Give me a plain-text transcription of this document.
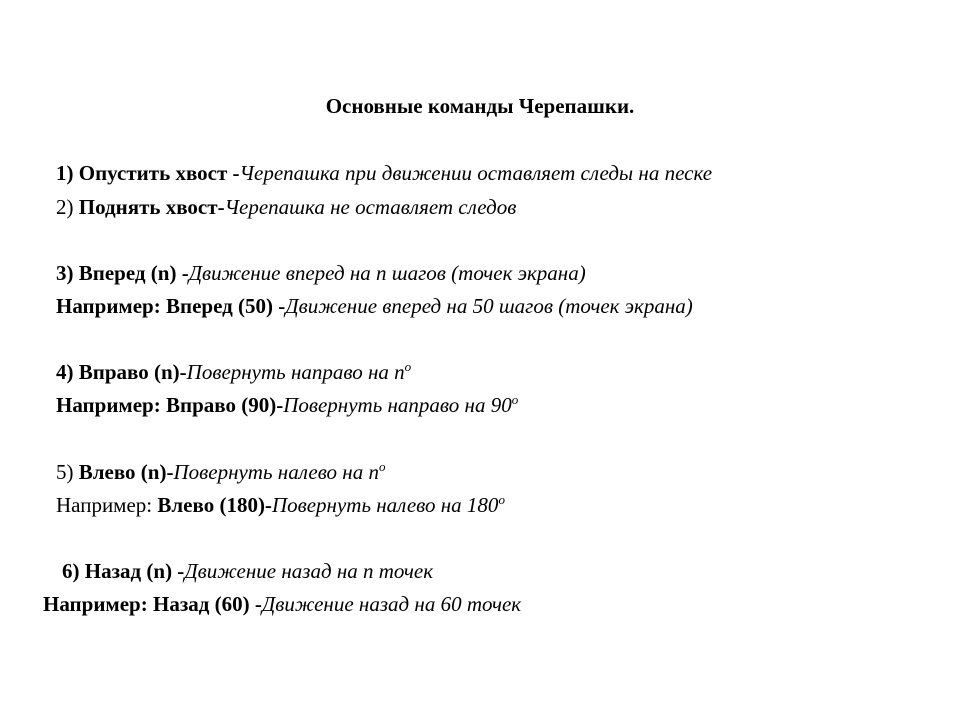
Основные команды Черепашки.
1) Опустить хвост -Черепашка при движении оставляет следы на песке
2) Поднять хвост-Черепашка не оставляет следов
3) Вперед (n) -Движение вперед на n шагов (точек экрана)
Например: Вперед (50) -Движение вперед на 50 шагов (точек экрана)
4) Вправо (n)-Повернуть направо на $n^o$
Например: Вправо (90)-Повернуть направо на 90$^o$
5) Влево (n)-Повернуть налево на $n^o$
Например: Влево (180)-Повернуть налево на 180$^o$
6) Назад (n) -Движение назад на n точек
Например: Назад (60) -Движение назад на 60 точек
